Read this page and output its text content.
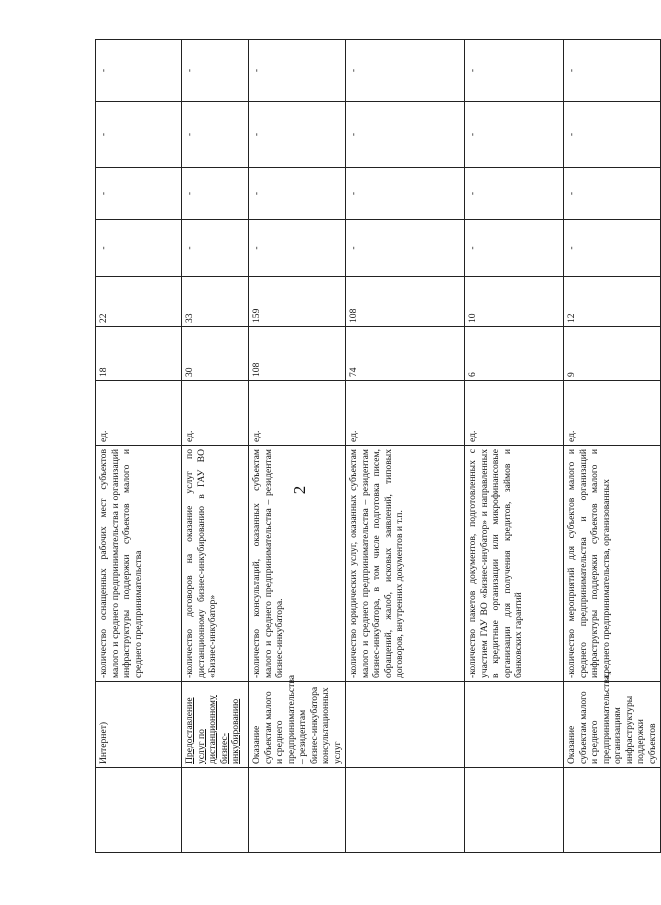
2
	Интернет)	-количество оснащенных рабочих мест субъектов малого и среднего предпринимательства и организаций инфраструктуры поддержки субъектов малого и среднего предпринимательства	ед.	18	22	-	-	-	-
	Предоставление услуг по дистанционному бизнес-инкубированию	-количество договоров на оказание услуг по дистанционному бизнес-инкубированию в ГАУ ВО «Бизнес-инкубатор»	ед.	30	33	-	-	-	-
	Оказание субъектам малого и среднего предпринимательства – резидентам бизнес-инкубатора консультационных услуг	-количество консультаций, оказанных субъектам малого и среднего предпринимательства – резидентам бизнес-инкубатора.	ед.	108	159	-	-	-	-
		-количество юридических услуг, оказанных субъектам малого и среднего предпринимательства – резидентам бизнес-инкубатора, в том числе подготовка писем, обращений, жалоб, исковых заявлений, типовых договоров, внутренних документов и т.п.	ед.	74	108	-	-	-	-
		-количество пакетов документов, подготовленных с участием ГАУ ВО «Бизнес-инубатор» и направленных в кредитные организации или микрофинансовые организации для получения кредитов, займов и банковских гарантий	ед.	6	10	-	-	-	-
	Оказание субъектам малого и среднего предпринимательства, организациям инфраструктуры поддержки субъектов	-количество мероприятий для субъектов малого и среднего предпринимательства и организаций инфраструктуры поддержки субъектов малого и среднего предпринимательства, организованных	ед.	9	12	-	-	-	-
